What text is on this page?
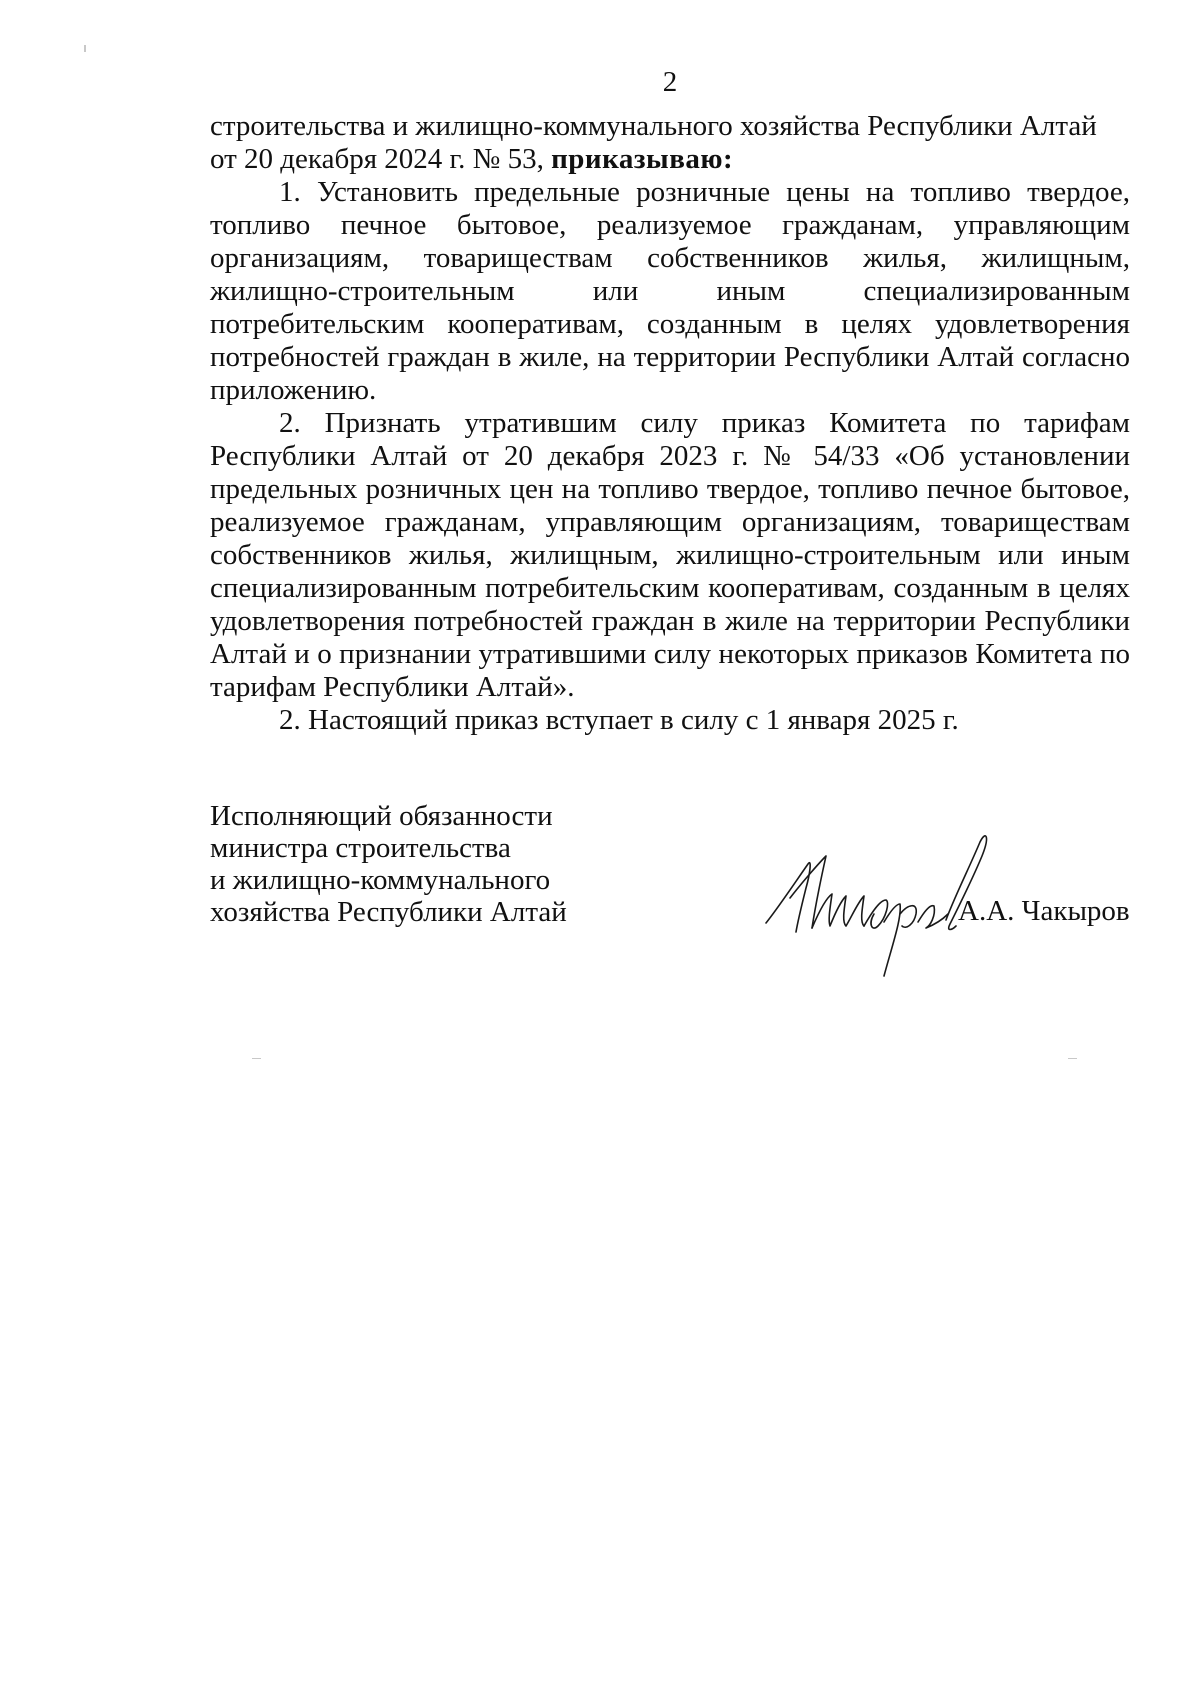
2

строительства и жилищно-коммунального хозяйства Республики Алтай
от 20 декабря 2024 г. № 53, приказываю:

1. Установить предельные розничные цены на топливо твердое, топливо печное бытовое, реализуемое гражданам, управляющим организациям, товариществам собственников жилья, жилищным, жилищно-строительным или иным специализированным потребительским кооперативам, созданным в целях удовлетворения потребностей граждан в жиле, на территории Республики Алтай согласно приложению.

2. Признать утратившим силу приказ Комитета по тарифам Республики Алтай от 20 декабря 2023 г. № 54/33 «Об установлении предельных розничных цен на топливо твердое, топливо печное бытовое, реализуемое гражданам, управляющим организациям, товариществам собственников жилья, жилищным, жилищно-строительным или иным специализированным потребительским кооперативам, созданным в целях удовлетворения потребностей граждан в жиле на территории Республики Алтай и о признании утратившими силу некоторых приказов Комитета по тарифам Республики Алтай».

2. Настоящий приказ вступает в силу с 1 января 2025 г.

Исполняющий обязанности
министра строительства
и жилищно-коммунального
хозяйства Республики Алтай	А.А. Чакыров
